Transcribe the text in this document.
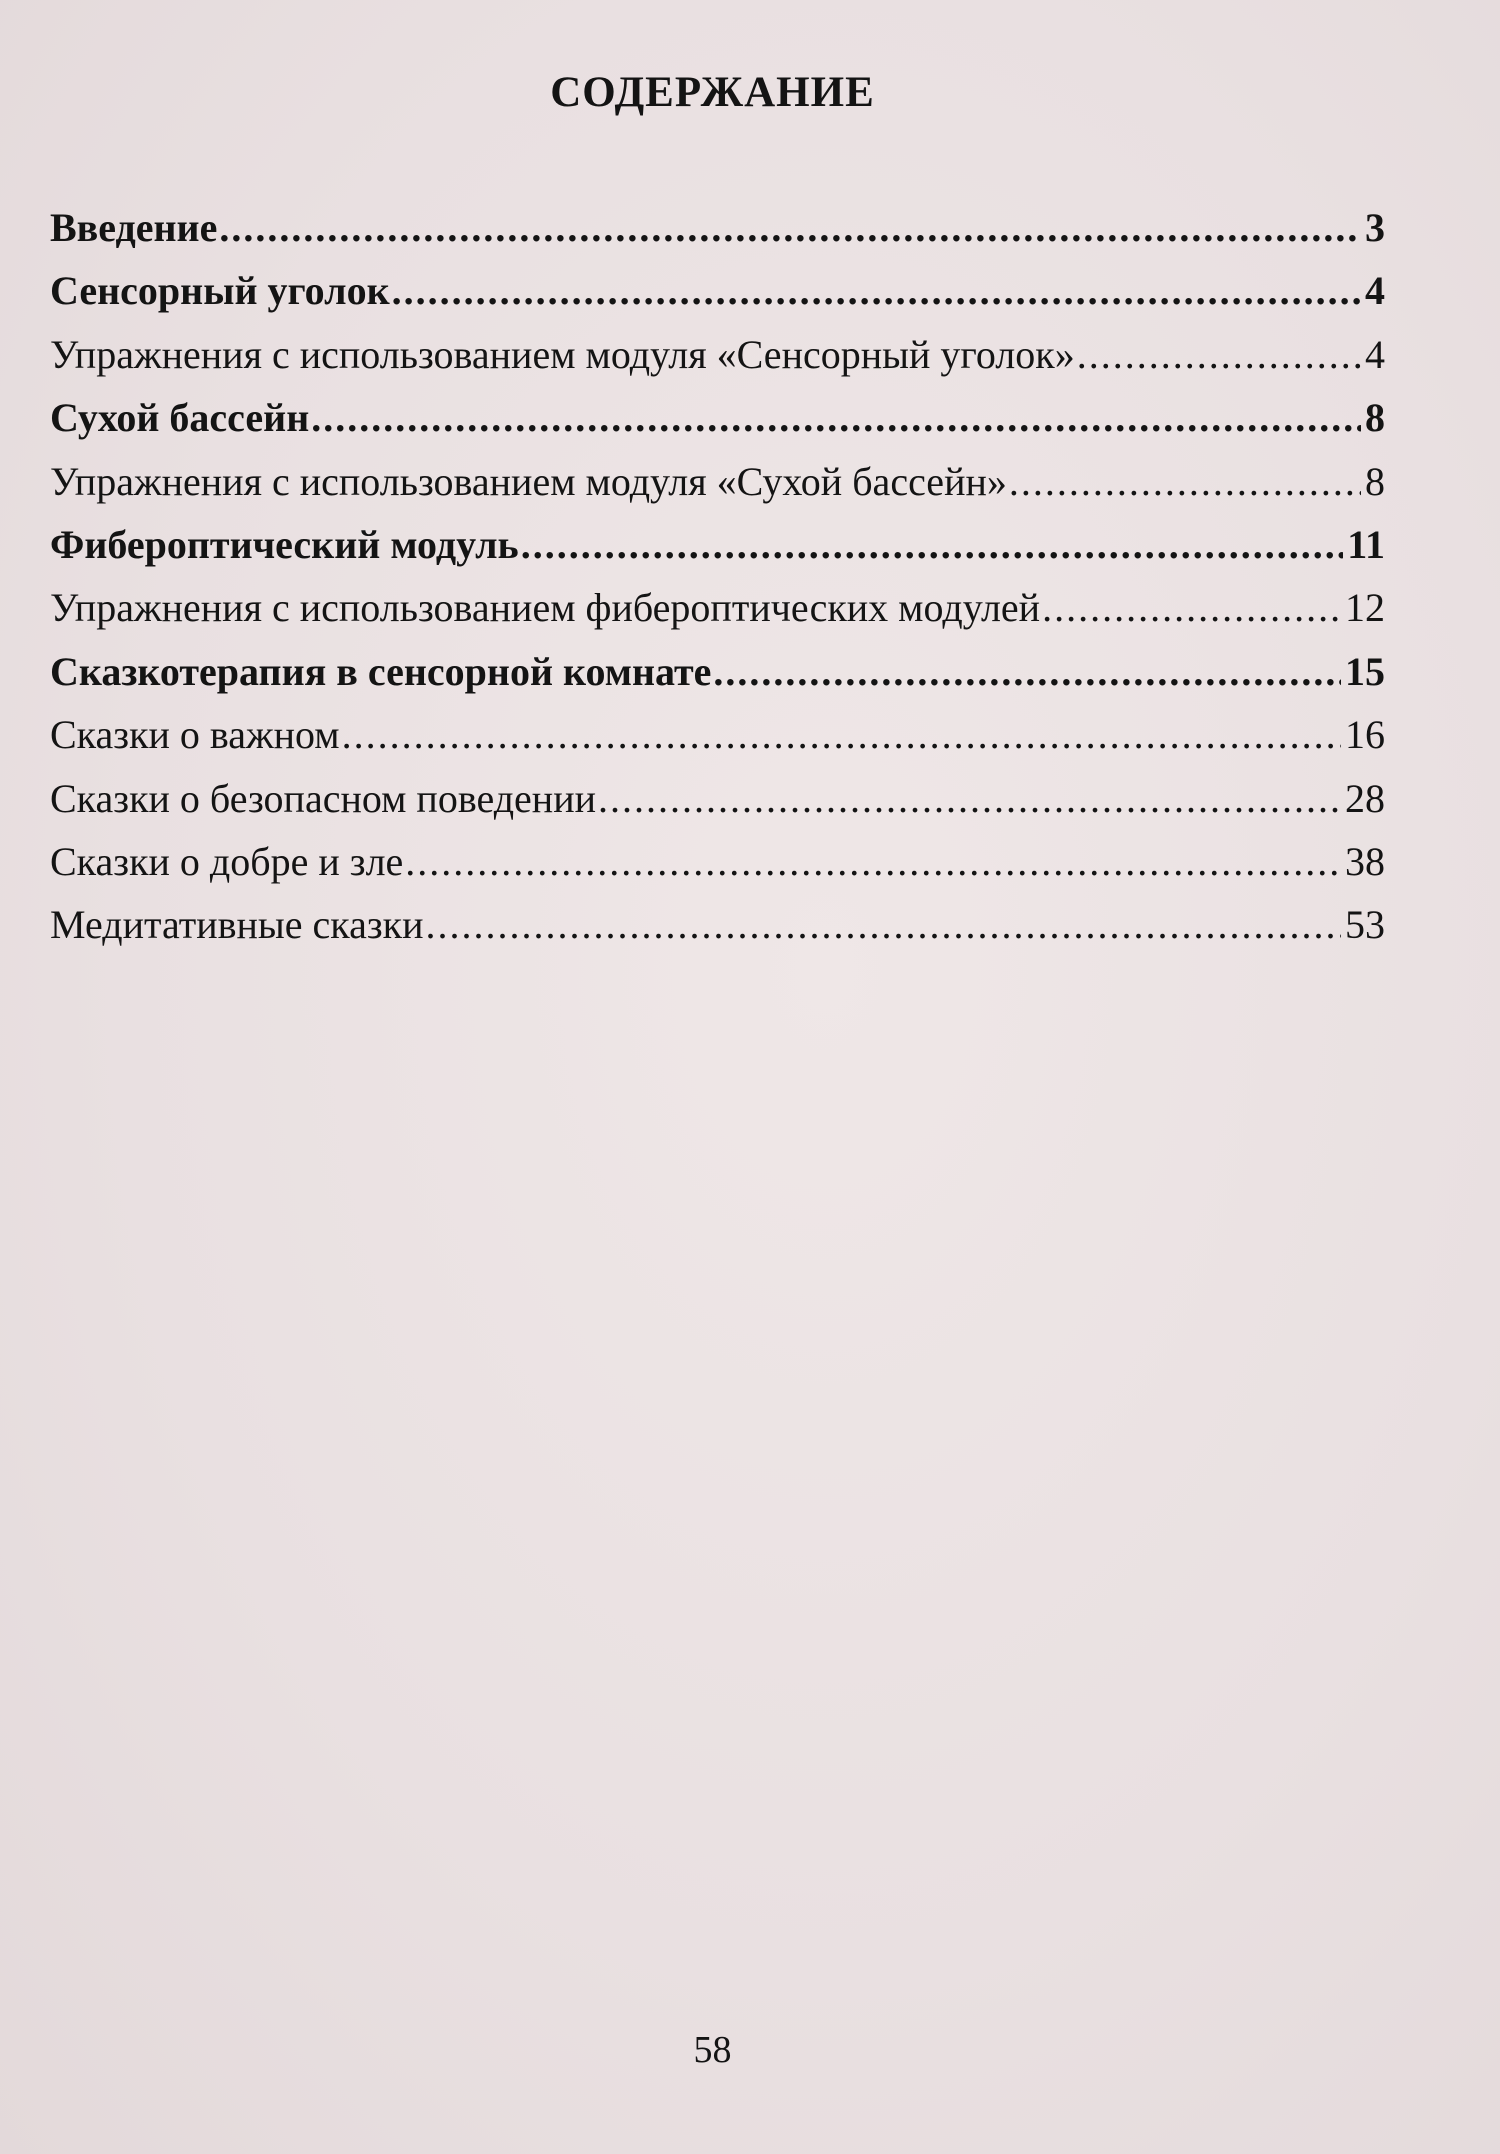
СОДЕРЖАНИЕ
Введение .....	3
Сенсорный уголок .....	4
Упражнения с использованием модуля «Сенсорный уголок» .....	4
Сухой бассейн .....	8
Упражнения с использованием модуля «Сухой бассейн» .....	8
Фибероптический модуль .....	11
Упражнения с использованием фибероптических модулей .....	12
Сказкотерапия в сенсорной комнате .....	15
Сказки о важном .....	16
Сказки о безопасном поведении .....	28
Сказки о добре и зле .....	38
Медитативные сказки .....	53
58
